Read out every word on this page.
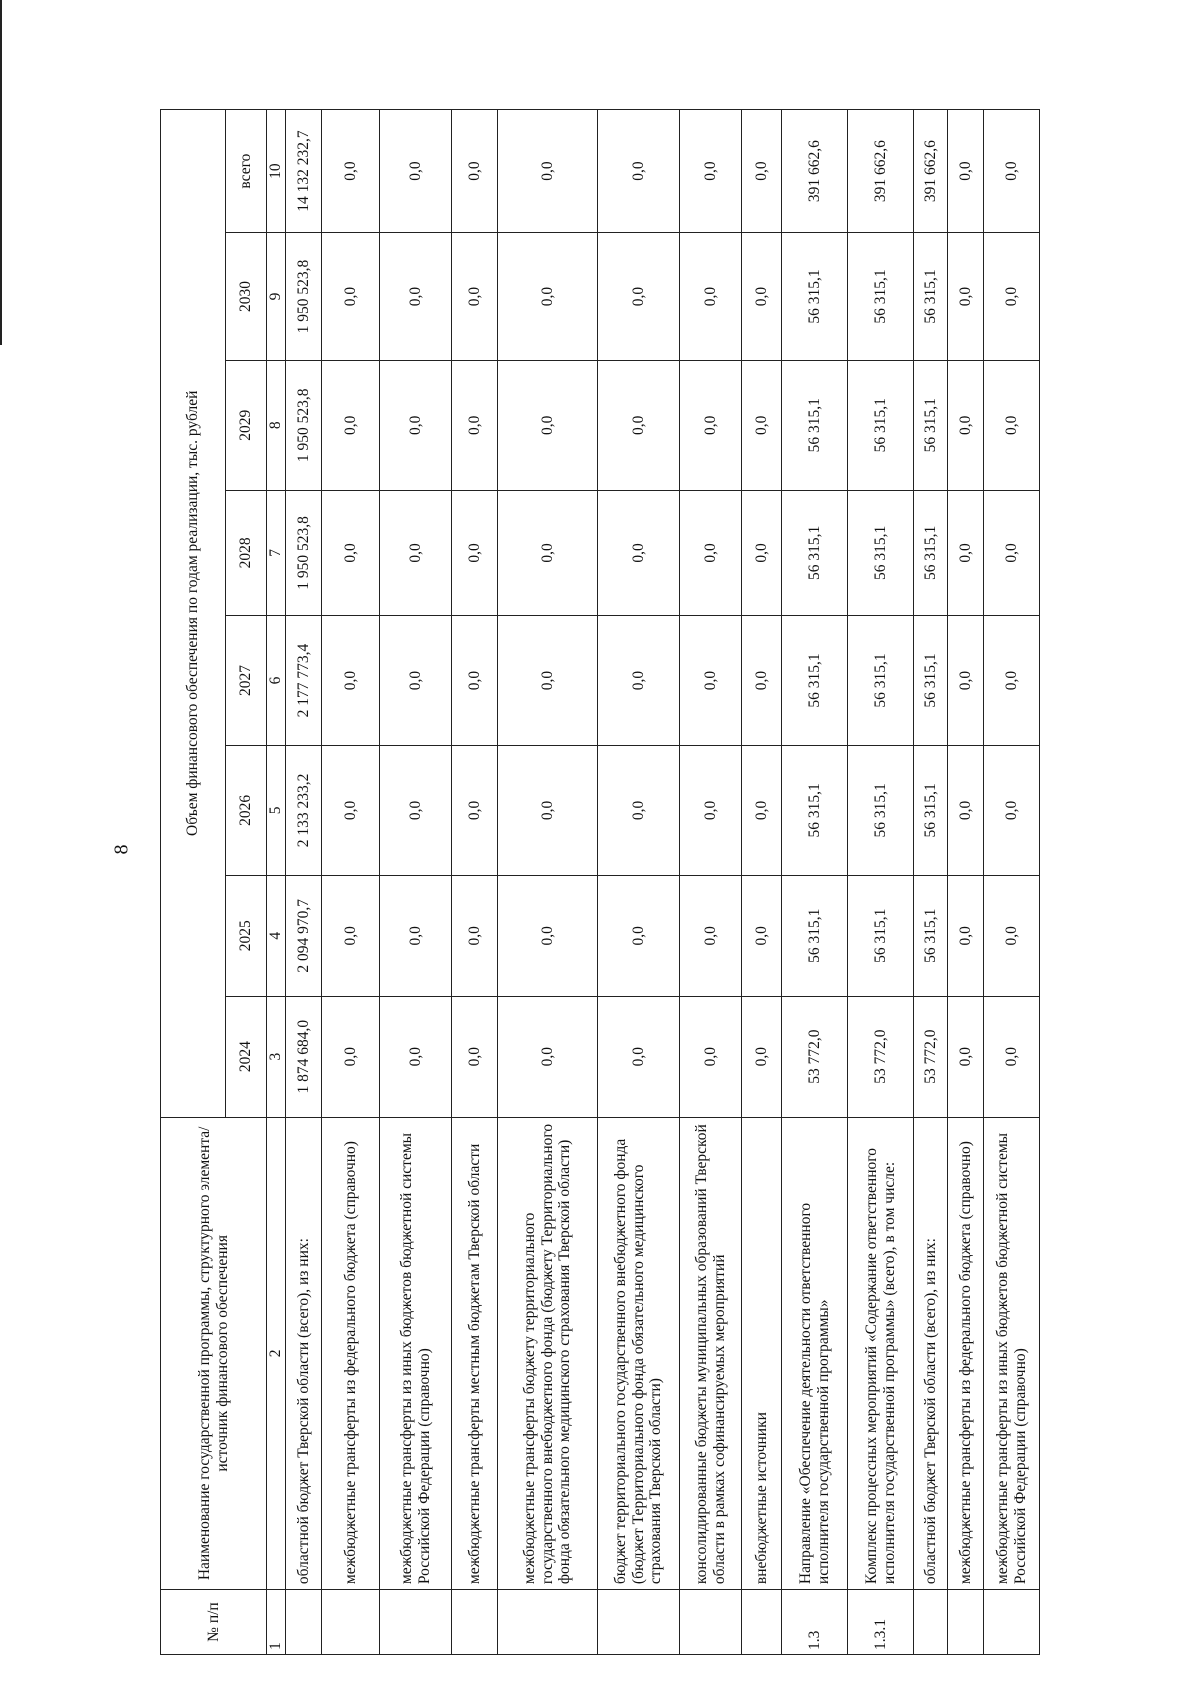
8
№ п/п	Наименование государственной программы, структурного элемента/источник финансового обеспечения	Объем финансового обеспечения по годам реализации, тыс. рублей							
		2024	2025	2026	2027	2028	2029	2030	всего
1	2	3	4	5	6	7	8	9	10
	областной бюджет Тверской области (всего), из них:	1 874 684,0	2 094 970,7	2 133 233,2	2 177 773,4	1 950 523,8	1 950 523,8	1 950 523,8	14 132 232,7
	межбюджетные трансферты из федерального бюджета (справочно)	0,0	0,0	0,0	0,0	0,0	0,0	0,0	0,0
	межбюджетные трансферты из иных бюджетов бюджетной системы Российской Федерации (справочно)	0,0	0,0	0,0	0,0	0,0	0,0	0,0	0,0
	межбюджетные трансферты местным бюджетам Тверской области	0,0	0,0	0,0	0,0	0,0	0,0	0,0	0,0
	межбюджетные трансферты бюджету территориального государственного внебюджетного фонда (бюджету Территориального фонда обязательного медицинского страхования Тверской области)	0,0	0,0	0,0	0,0	0,0	0,0	0,0	0,0
	бюджет территориального государственного внебюджетного фонда (бюджет Территориального фонда обязательного медицинского страхования Тверской области)	0,0	0,0	0,0	0,0	0,0	0,0	0,0	0,0
	консолидированные бюджеты муниципальных образований Тверской области в рамках софинансируемых мероприятий	0,0	0,0	0,0	0,0	0,0	0,0	0,0	0,0
	внебюджетные источники	0,0	0,0	0,0	0,0	0,0	0,0	0,0	0,0
1.3	Направление «Обеспечение деятельности ответственного исполнителя государственной программы»	53 772,0	56 315,1	56 315,1	56 315,1	56 315,1	56 315,1	56 315,1	391 662,6
1.3.1	Комплекс процессных мероприятий «Содержание ответственного исполнителя государственной программы» (всего), в том числе:	53 772,0	56 315,1	56 315,1	56 315,1	56 315,1	56 315,1	56 315,1	391 662,6
	областной бюджет Тверской области (всего), из них:	53 772,0	56 315,1	56 315,1	56 315,1	56 315,1	56 315,1	56 315,1	391 662,6
	межбюджетные трансферты из федерального бюджета (справочно)	0,0	0,0	0,0	0,0	0,0	0,0	0,0	0,0
	межбюджетные трансферты из иных бюджетов бюджетной системы Российской Федерации (справочно)	0,0	0,0	0,0	0,0	0,0	0,0	0,0	0,0
